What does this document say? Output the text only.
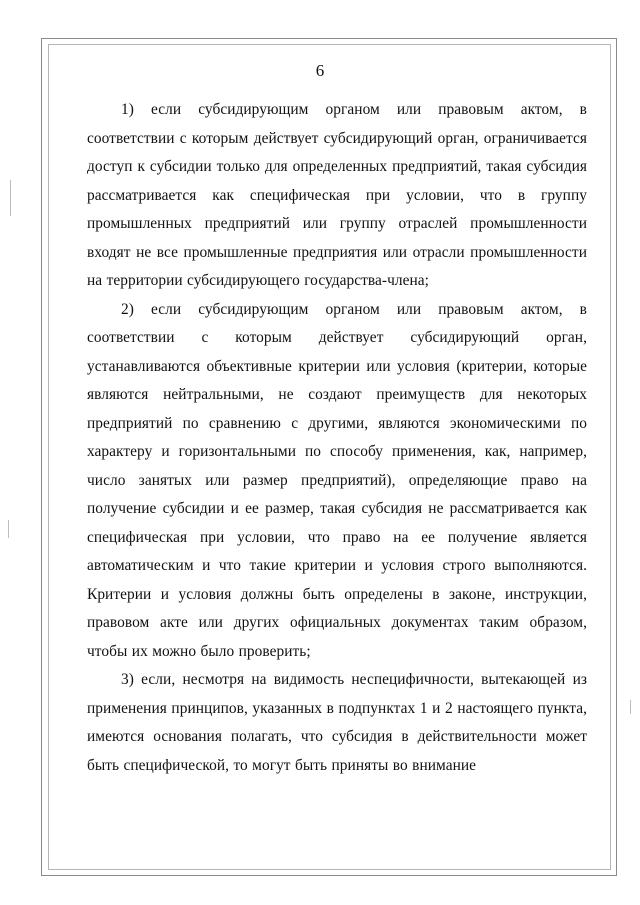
6

1) если субсидирующим органом или правовым актом, в соответствии с которым действует субсидирующий орган, ограничивается доступ к субсидии только для определенных предприятий, такая субсидия рассматривается как специфическая при условии, что в группу промышленных предприятий или группу отраслей промышленности входят не все промышленные предприятия или отрасли промышленности на территории субсидирующего государства-члена;

2) если субсидирующим органом или правовым актом, в соответствии с которым действует субсидирующий орган, устанавливаются объективные критерии или условия (критерии, которые являются нейтральными, не создают преимуществ для некоторых предприятий по сравнению с другими, являются экономическими по характеру и горизонтальными по способу применения, как, например, число занятых или размер предприятий), определяющие право на получение субсидии и ее размер, такая субсидия не рассматривается как специфическая при условии, что право на ее получение является автоматическим и что такие критерии и условия строго выполняются. Критерии и условия должны быть определены в законе, инструкции, правовом акте или других официальных документах таким образом, чтобы их можно было проверить;

3) если, несмотря на видимость неспецифичности, вытекающей из применения принципов, указанных в подпунктах 1 и 2 настоящего пункта, имеются основания полагать, что субсидия в действительности может быть специфической, то могут быть приняты во внимание
